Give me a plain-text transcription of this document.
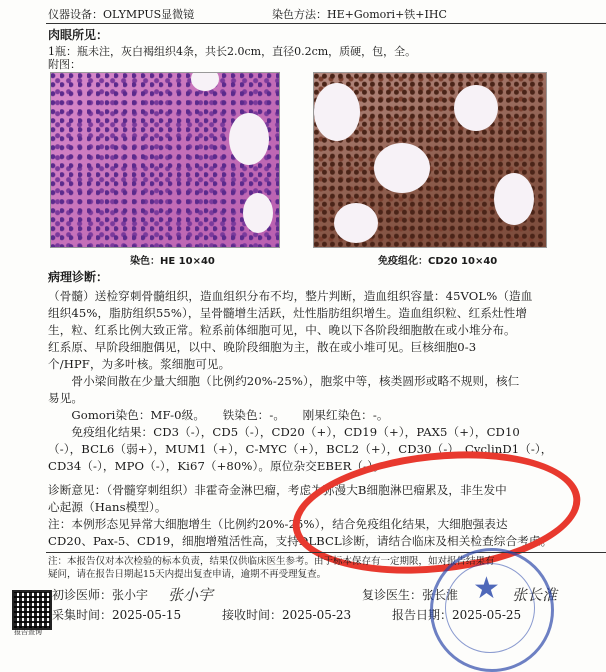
仪器设备：OLYMPUS显微镜	染色方法：HE+Gomori+铁+IHC
肉眼所见：
1瓶：瓶未注，灰白褐组织4条，共长2.0cm，直径0.2cm，质硬，包，全。
附图：
染色：HE 10×40	免疫组化：CD20 10×40
病理诊断：
（骨髓）送检穿刺骨髓组织，造血组织分布不均，整片判断，造血组织容量：45VOL%（造血
组织45%，脂肪组织55%），呈骨髓增生活跃，灶性脂肪组织增生。造血组织粒、红系灶性增
生，粒、红系比例大致正常。粒系前体细胞可见，中、晚以下各阶段细胞散在或小堆分布。
红系原、早阶段细胞偶见，以中、晚阶段细胞为主，散在或小堆可见。巨核细胞0-3
个/HPF，为多叶核。浆细胞可见。
　　骨小梁间散在少量大细胞（比例约20%-25%），胞浆中等，核类圆形或略不规则，核仁
易见。
　　Gomori染色：MF-0级。　　铁染色：-。　　刚果红染色：-。
　　免疫组化结果：CD3（-），CD5（-），CD20（+），CD19（+），PAX5（+），CD10
（-），BCL6（弱+），MUM1（+），C-MYC（+），BCL2（+），CD30（-），CyclinD1（-），
CD34（-），MPO（-），Ki67（+80%）。原位杂交EBER（-）。
诊断意见：（骨髓穿刺组织）非霍奇金淋巴瘤，考虑为弥漫大B细胞淋巴瘤累及，非生发中
心起源（Hans模型）。
注：本例形态见异常大细胞增生（比例约20%-25%），结合免疫组化结果，大细胞强表达
CD20、Pax-5、CD19，细胞增殖活性高，支持DLBCL诊断，请结合临床及相关检查综合考虑。
注：本报告仅对本次检验的标本负责，结果仅供临床医生参考。由于标本保存有一定期限，如对报告结果有
疑问，请在报告日期起15天内提出复查申请，逾期不再受理复查。
报告查询
初诊医师：张小宇 张小宇	复诊医生：张长淮	张长淮
采集时间：2025-05-15	接收时间：2025-05-23	报告日期：2025-05-25
★
